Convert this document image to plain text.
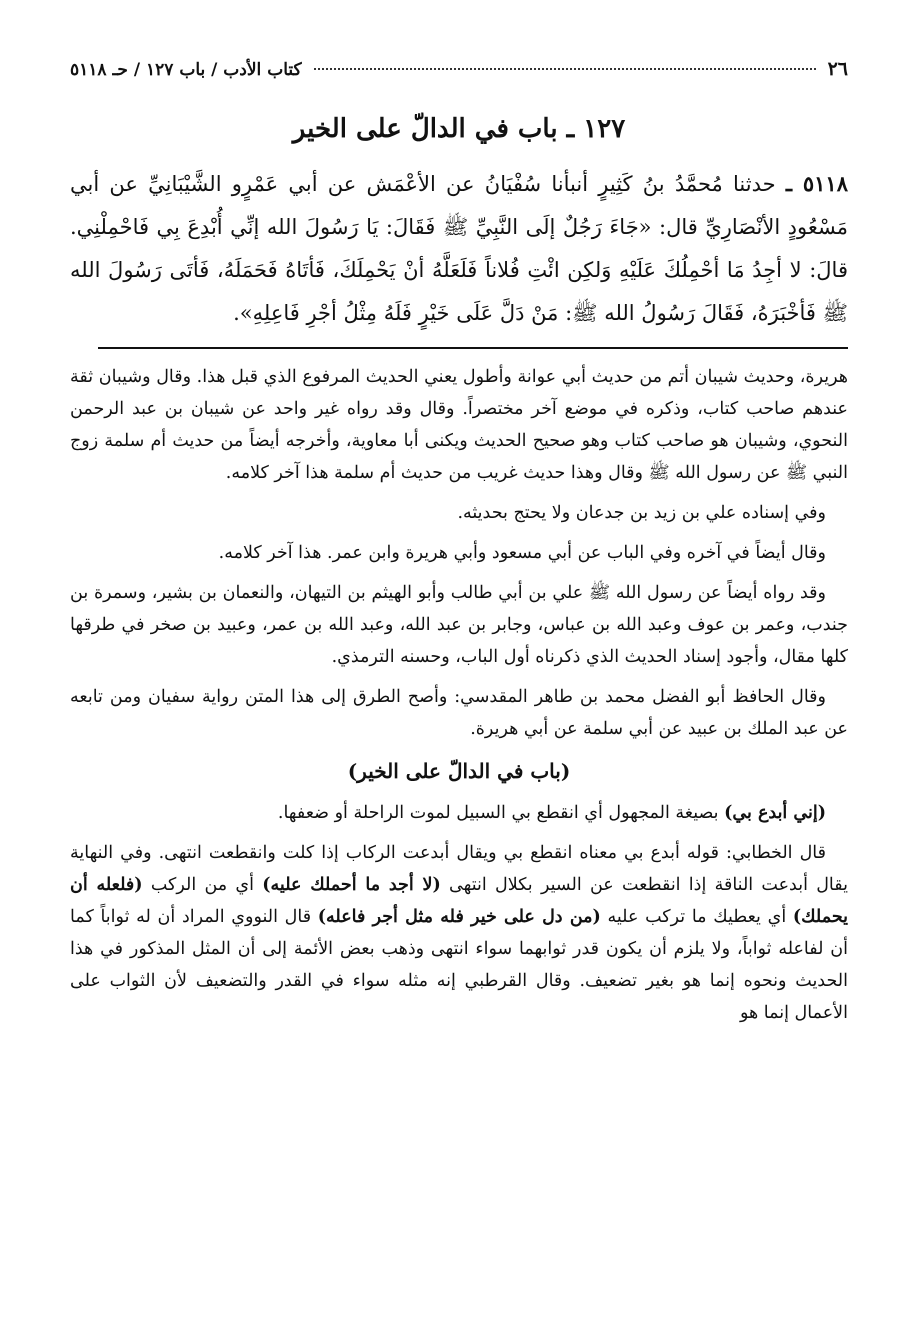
٢٦
كتاب الأدب / باب ١٢٧ / حـ ٥١١٨
١٢٧ ـ باب في الدالّ على الخير

٥١١٨ ـ حدثنا مُحمَّدُ بنُ كَثِيرٍ أنبأنا سُفْيَانُ عن الأعْمَش عن أبي عَمْرٍو الشَّيْبَانِيِّ عن أبي مَسْعُودٍ الأنْصَارِيِّ قال: «جَاءَ رَجُلٌ إلَى النَّبِيِّ ﷺ فَقَالَ: يَا رَسُولَ الله إنِّي أُبْدِعَ بِي فَاحْمِلْنِي. قالَ: لا أجِدُ مَا أحْمِلُكَ عَلَيْهِ وَلكِن ائْتِ فُلاناً فَلَعَلَّهُ أنْ يَحْمِلَكَ، فَأتَاهُ فَحَمَلَهُ، فَأتَى رَسُولَ الله ﷺ فَأخْبَرَهُ، فَقَالَ رَسُولُ الله ﷺ: مَنْ دَلَّ عَلَى خَيْرٍ فَلَهُ مِثْلُ أجْرِ فَاعِلِهِ».

هريرة، وحديث شيبان أتم من حديث أبي عوانة وأطول يعني الحديث المرفوع الذي قبل هذا. وقال وشيبان ثقة عندهم صاحب كتاب، وذكره في موضع آخر مختصراً. وقال وقد رواه غير واحد عن شيبان بن عبد الرحمن النحوي، وشيبان هو صاحب كتاب وهو صحيح الحديث ويكنى أبا معاوية، وأخرجه أيضاً من حديث أم سلمة زوج النبي ﷺ عن رسول الله ﷺ وقال وهذا حديث غريب من حديث أم سلمة هذا آخر كلامه.

وفي إسناده علي بن زيد بن جدعان ولا يحتج بحديثه.

وقال أيضاً في آخره وفي الباب عن أبي مسعود وأبي هريرة وابن عمر. هذا آخر كلامه.

وقد رواه أيضاً عن رسول الله ﷺ علي بن أبي طالب وأبو الهيثم بن التيهان، والنعمان بن بشير، وسمرة بن جندب، وعمر بن عوف وعبد الله بن عباس، وجابر بن عبد الله، وعبد الله بن عمر، وعبيد بن صخر في طرقها كلها مقال، وأجود إسناد الحديث الذي ذكرناه أول الباب، وحسنه الترمذي.

وقال الحافظ أبو الفضل محمد بن طاهر المقدسي: وأصح الطرق إلى هذا المتن رواية سفيان ومن تابعه عن عبد الملك بن عبيد عن أبي سلمة عن أبي هريرة.

(باب في الدالّ على الخير)

(إني أبدع بي) بصيغة المجهول أي انقطع بي السبيل لموت الراحلة أو ضعفها.

قال الخطابي: قوله أبدع بي معناه انقطع بي ويقال أبدعت الركاب إذا كلت وانقطعت انتهى. وفي النهاية يقال أبدعت الناقة إذا انقطعت عن السير بكلال انتهى (لا أجد ما أحملك عليه) أي من الركب (فلعله أن يحملك) أي يعطيك ما تركب عليه (من دل على خير فله مثل أجر فاعله) قال النووي المراد أن له ثواباً كما أن لفاعله ثواباً، ولا يلزم أن يكون قدر ثوابهما سواء انتهى وذهب بعض الأئمة إلى أن المثل المذكور في هذا الحديث ونحوه إنما هو بغير تضعيف. وقال القرطبي إنه مثله سواء في القدر والتضعيف لأن الثواب على الأعمال إنما هو
